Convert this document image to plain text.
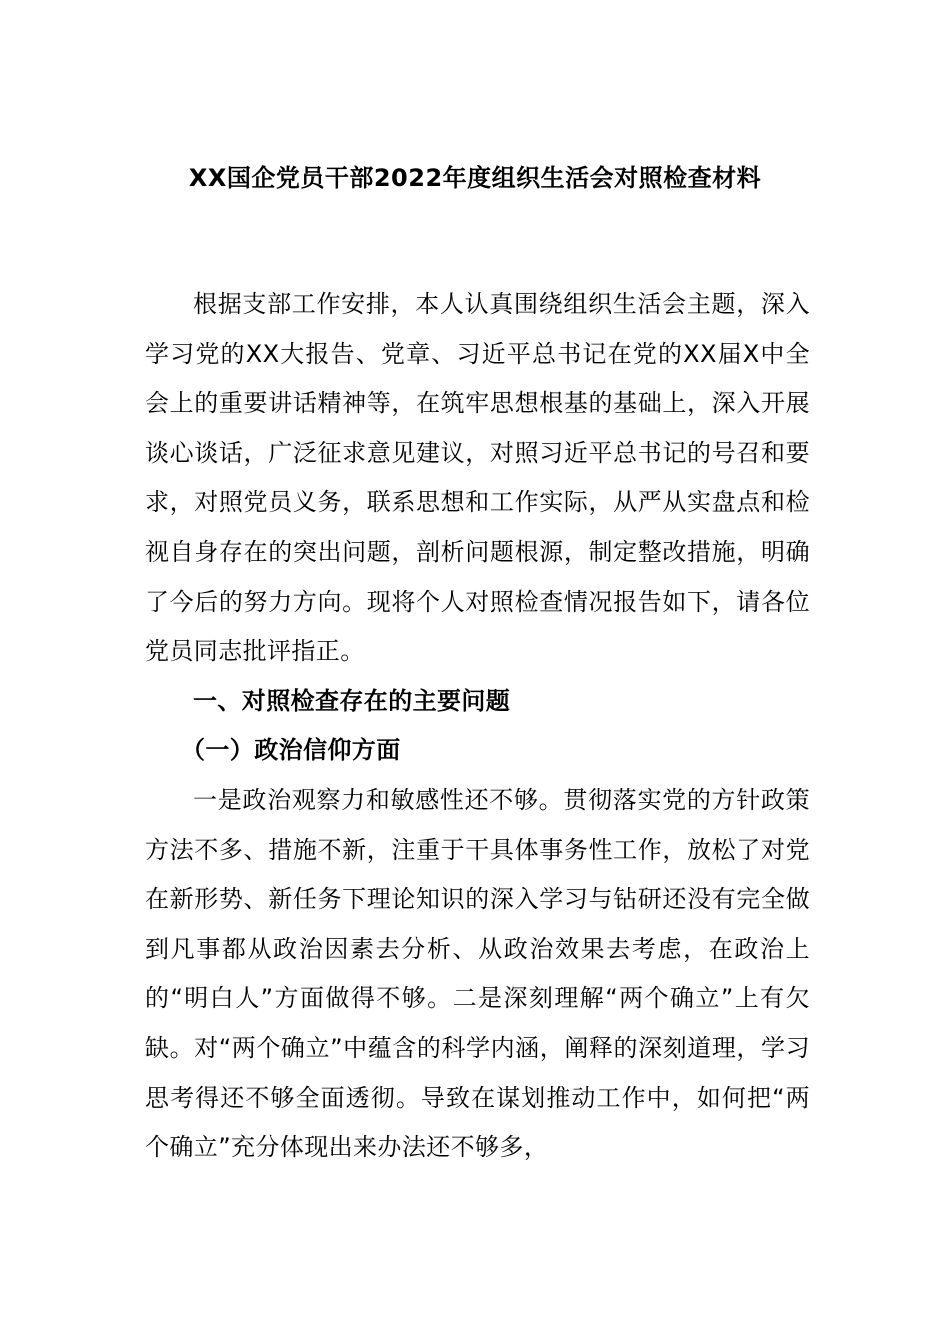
XX国企党员干部2022年度组织生活会对照检查材料

根据支部工作安排，本人认真围绕组织生活会主题，深入学习党的XX大报告、党章、习近平总书记在党的XX届X中全会上的重要讲话精神等，在筑牢思想根基的基础上，深入开展谈心谈话，广泛征求意见建议，对照习近平总书记的号召和要求，对照党员义务，联系思想和工作实际，从严从实盘点和检视自身存在的突出问题，剖析问题根源，制定整改措施，明确了今后的努力方向。现将个人对照检查情况报告如下，请各位党员同志批评指正。

一、对照检查存在的主要问题

（一）政治信仰方面

一是政治观察力和敏感性还不够。贯彻落实党的方针政策方法不多、措施不新，注重于干具体事务性工作，放松了对党在新形势、新任务下理论知识的深入学习与钻研还没有完全做到凡事都从政治因素去分析、从政治效果去考虑，在政治上的“明白人”方面做得不够。二是深刻理解“两个确立”上有欠缺。对“两个确立”中蕴含的科学内涵，阐释的深刻道理，学习思考得还不够全面透彻。导致在谋划推动工作中，如何把“两个确立”充分体现出来办法还不够多，
